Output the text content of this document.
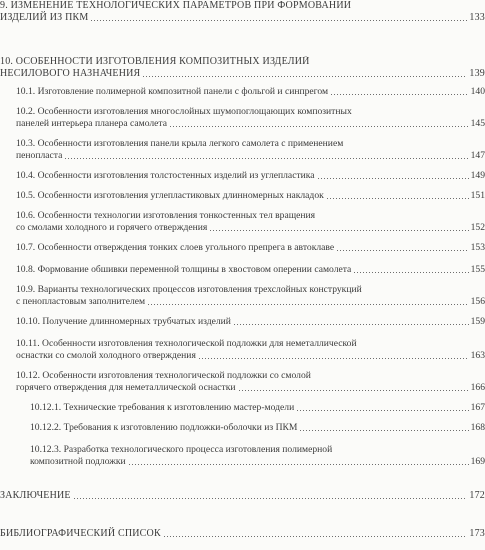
9. ИЗМЕНЕНИЕ ТЕХНОЛОГИЧЕСКИХ ПАРАМЕТРОВ ПРИ ФОРМОВАНИИ
ИЗДЕЛИЙ ИЗ ПКМ	133
10. ОСОБЕННОСТИ ИЗГОТОВЛЕНИЯ КОМПОЗИТНЫХ ИЗДЕЛИЙ
НЕСИЛОВОГО НАЗНАЧЕНИЯ	139
10.1. Изготовление полимерной композитной панели с фольгой и синпрегом	140
10.2. Особенности изготовления многослойных шумопоглощающих композитных
панелей интерьера планера самолета	145
10.3. Особенности изготовления панели крыла легкого самолета с применением
пенопласта	147
10.4. Особенности изготовления толстостенных изделий из углепластика	149
10.5. Особенности изготовления углепластиковых длинномерных накладок	151
10.6. Особенности технологии изготовления тонкостенных тел вращения
со смолами холодного и горячего отверждения	152
10.7. Особенности отверждения тонких слоев угольного препрега в автоклаве	153
10.8. Формование обшивки переменной толщины в хвостовом оперении самолета	155
10.9. Варианты технологических процессов изготовления трехслойных конструкций
с пенопластовым заполнителем	156
10.10. Получение длинномерных трубчатых изделий	159
10.11. Особенности изготовления технологической подложки для неметаллической
оснастки со смолой холодного отверждения	163
10.12. Особенности изготовления технологической подложки со смолой
горячего отверждения для неметаллической оснастки	166
10.12.1. Технические требования к изготовлению мастер-модели	167
10.12.2. Требования к изготовлению подложки-оболочки из ПКМ	168
10.12.3. Разработка технологического процесса изготовления полимерной
композитной подложки	169
ЗАКЛЮЧЕНИЕ	172
БИБЛИОГРАФИЧЕСКИЙ СПИСОК	173
